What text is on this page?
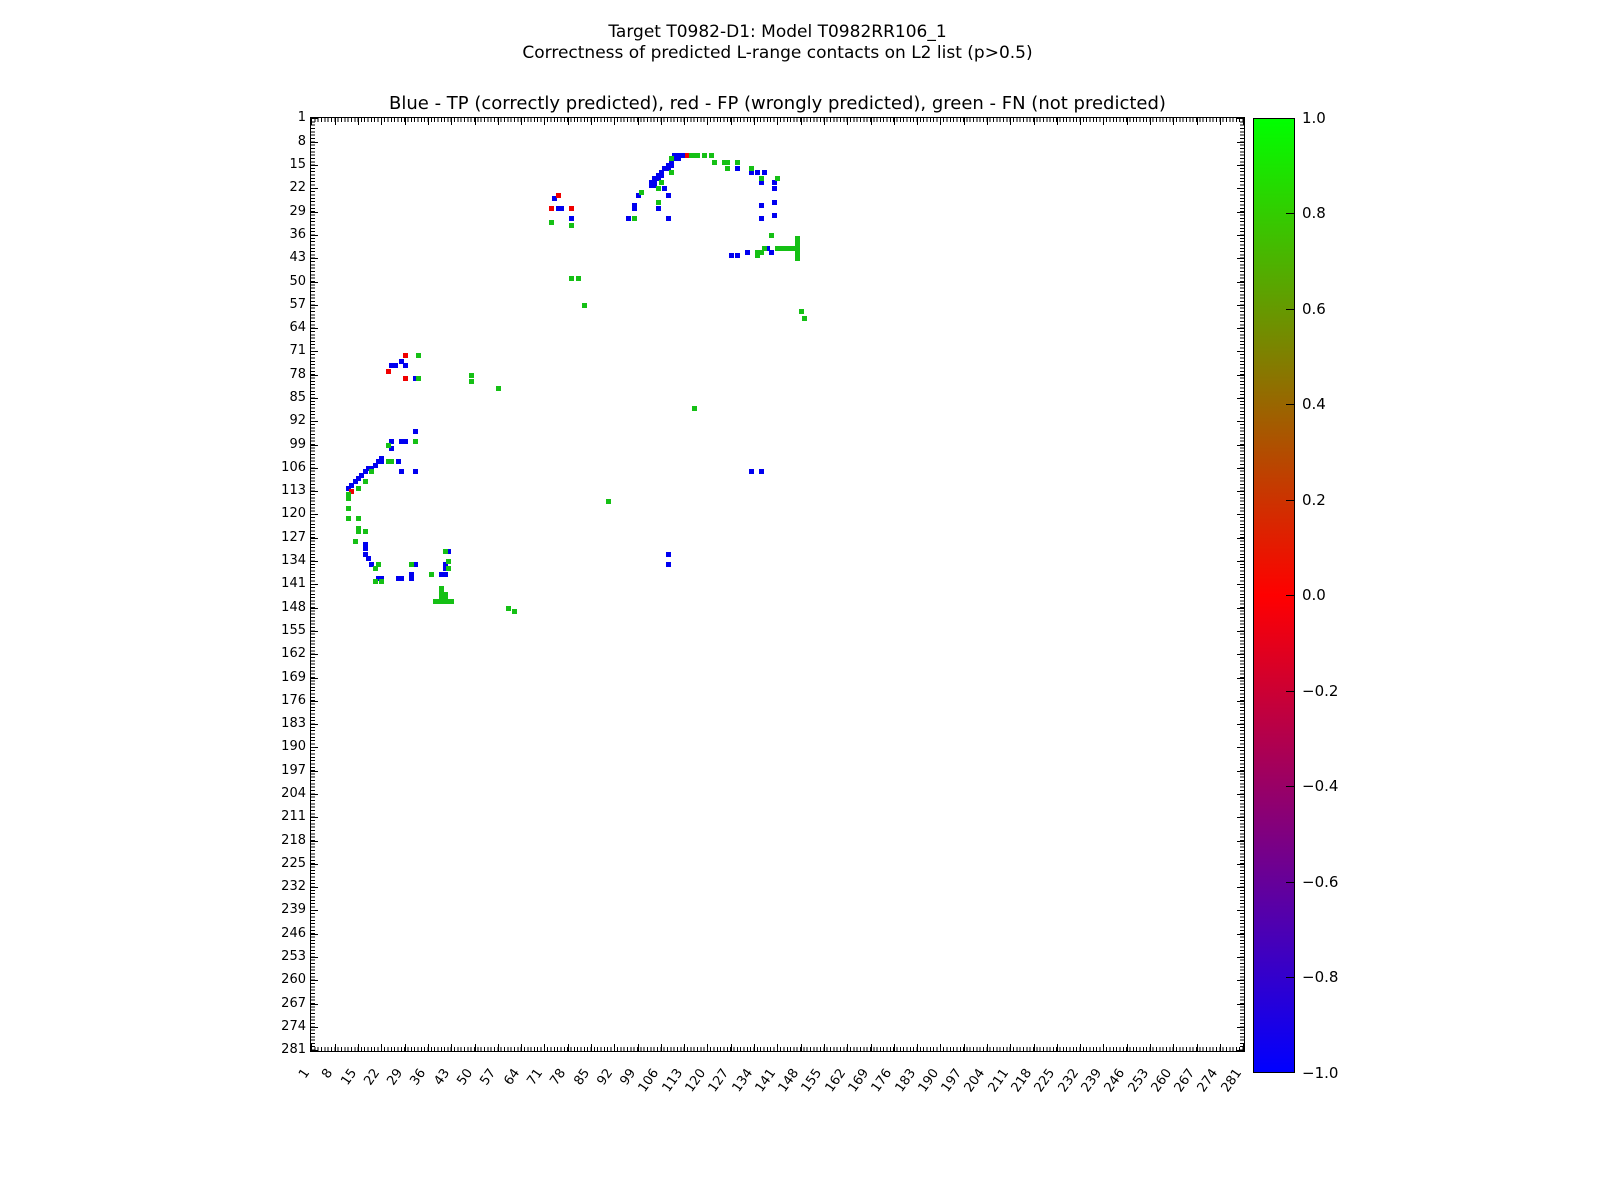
Target T0982-D1: Model T0982RR106_1
Correctness of predicted L-range contacts on L2 list (p>0.5)
Blue - TP (correctly predicted), red - FP (wrongly predicted), green - FN (not predicted)
1
8
15
22
29
36
43
50
57
64
71
78
85
92
99
106
113
120
127
134
141
148
155
162
169
176
183
190
197
204
211
218
225
232
239
246
253
260
267
274
281
1 8 15 22 29 36 43 50 57 64 71 78 85 92 99
106
113
120
127
134
141
148
155
162
169
176
183
190
197
204
211
218
225
232
239
246
253
260
267
274
281
1.0
0.8
0.6
0.4
0.2
0.0
−0.2
−0.4
−0.6
−0.8
−1.0
